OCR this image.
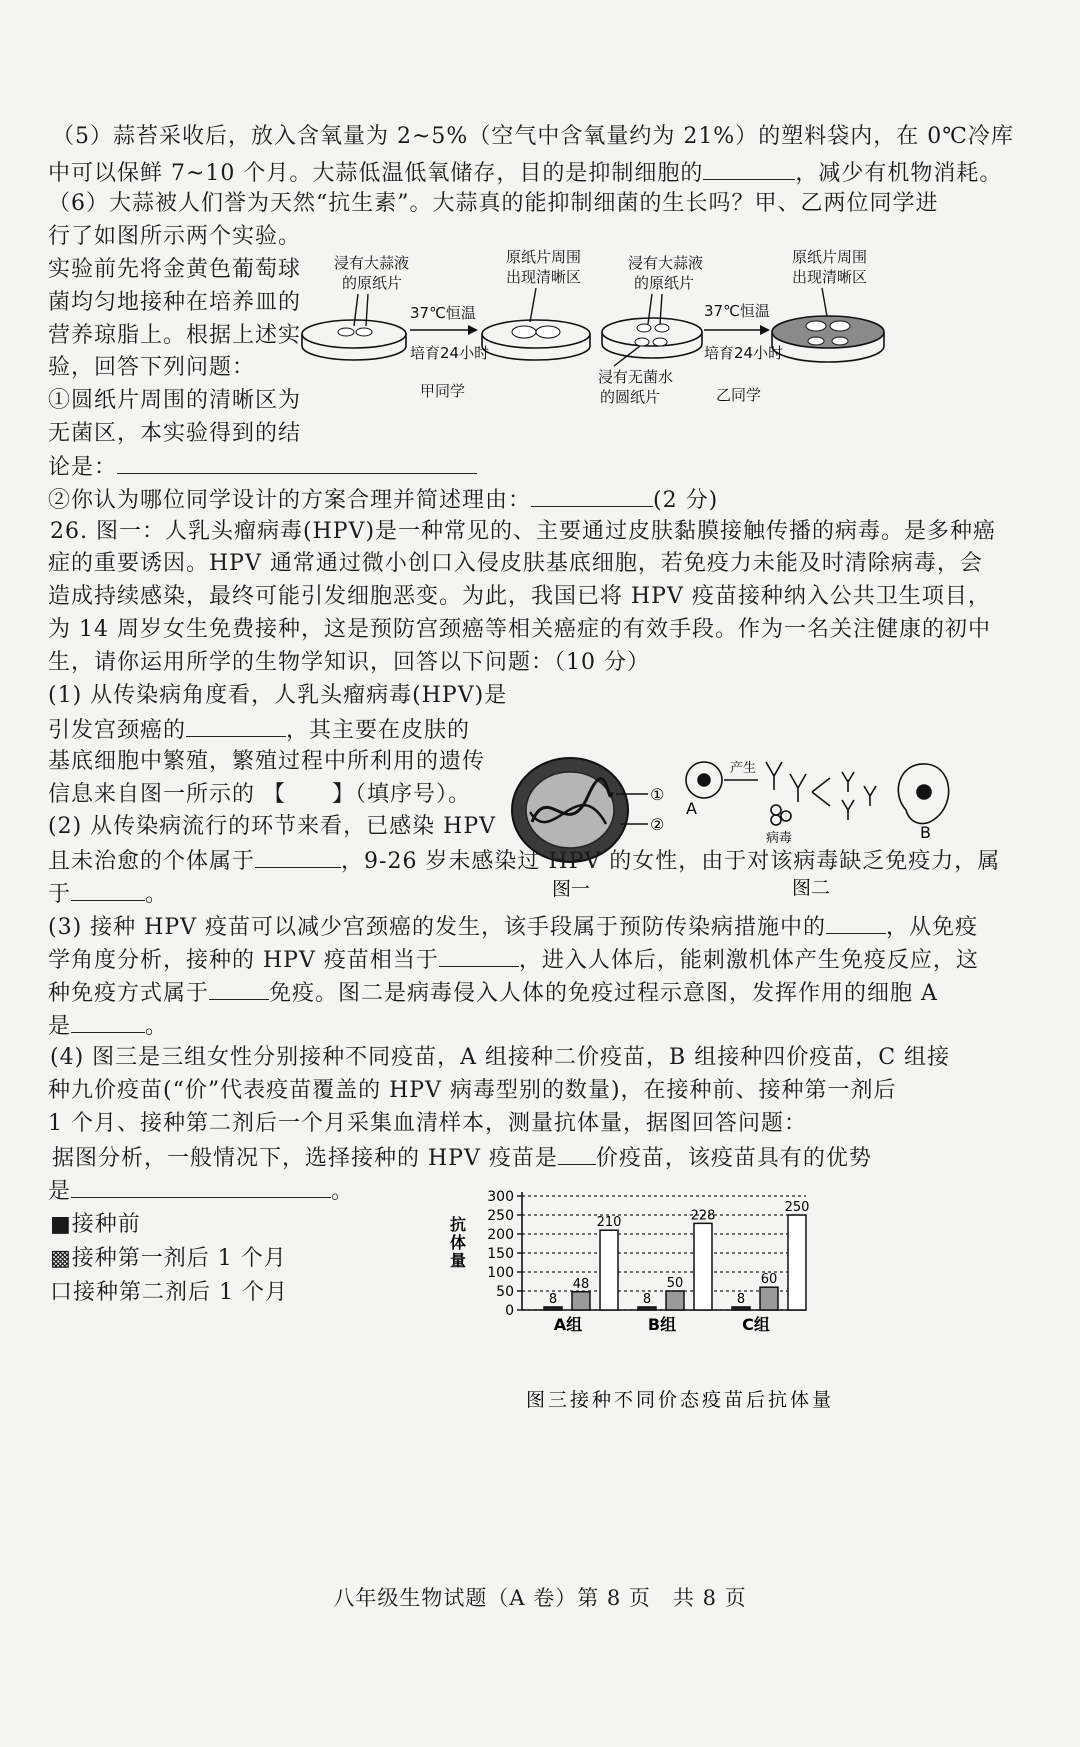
（5）蒜苔采收后，放入含氧量为 2~5%（空气中含氧量约为 21%）的塑料袋内，在 0℃冷库
中可以保鲜 7~10 个月。大蒜低温低氧储存，目的是抑制细胞的	，减少有机物消耗。
（6）大蒜被人们誉为天然“抗生素”。大蒜真的能抑制细菌的生长吗？甲、乙两位同学进
行了如图所示两个实验。
实验前先将金黄色葡萄球
菌均匀地接种在培养皿的
营养琼脂上。根据上述实
验，回答下列问题：
①圆纸片周围的清晰区为
无菌区，本实验得到的结
论是：
②你认为哪位同学设计的方案合理并简述理由：	(2 分)
浸有大蒜液
的原纸片
37℃恒温
培育24小时
原纸片周围
出现清晰区
甲同学
浸有大蒜液
的原纸片
浸有无菌水
的圆纸片
37℃恒温
培育24小时
原纸片周围
出现清晰区
乙同学
26. 图一：人乳头瘤病毒(HPV)是一种常见的、主要通过皮肤黏膜接触传播的病毒。是多种癌
症的重要诱因。HPV 通常通过微小创口入侵皮肤基底细胞，若免疫力未能及时清除病毒，会
造成持续感染，最终可能引发细胞恶变。为此，我国已将 HPV 疫苗接种纳入公共卫生项目，
为 14 周岁女生免费接种，这是预防宫颈癌等相关癌症的有效手段。作为一名关注健康的初中
生，请你运用所学的生物学知识，回答以下问题：（10 分）
(1) 从传染病角度看，人乳头瘤病毒(HPV)是
引发宫颈癌的	，其主要在皮肤的
基底细胞中繁殖，繁殖过程中所利用的遗传
信息来自图一所示的 【　　】（填序号）。	①
②
图一
A
产生
病毒	B
图二
(2) 从传染病流行的环节来看，已感染 HPV
且未治愈的个体属于	，9-26 岁未感染过 HPV 的女性，由于对该病毒缺乏免疫力，属
于	。
(3) 接种 HPV 疫苗可以减少宫颈癌的发生，该手段属于预防传染病措施中的	，从免疫
学角度分析，接种的 HPV 疫苗相当于	，进入人体后，能刺激机体产生免疫反应，这
种免疫方式属于	免疫。图二是病毒侵入人体的免疫过程示意图，发挥作用的细胞 A
是	。
(4) 图三是三组女性分别接种不同疫苗，A 组接种二价疫苗，B 组接种四价疫苗，C 组接
种九价疫苗(“价”代表疫苗覆盖的 HPV 病毒型别的数量)，在接种前、接种第一剂后
1 个月、接种第二剂后一个月采集血清样本，测量抗体量，据图回答问题：
据图分析，一般情况下，选择接种的 HPV 疫苗是 价疫苗，该疫苗具有的优势
是	。
■接种前
▩接种第一剂后 1 个月
口接种第二剂后 1 个月
0
50
100
150
200
250
300
抗
体
量
8
48
210
A组
8
50
228
B组
8
60
250
C组
图三接种不同价态疫苗后抗体量
八年级生物试题（A 卷）第 8 页　共 8 页
